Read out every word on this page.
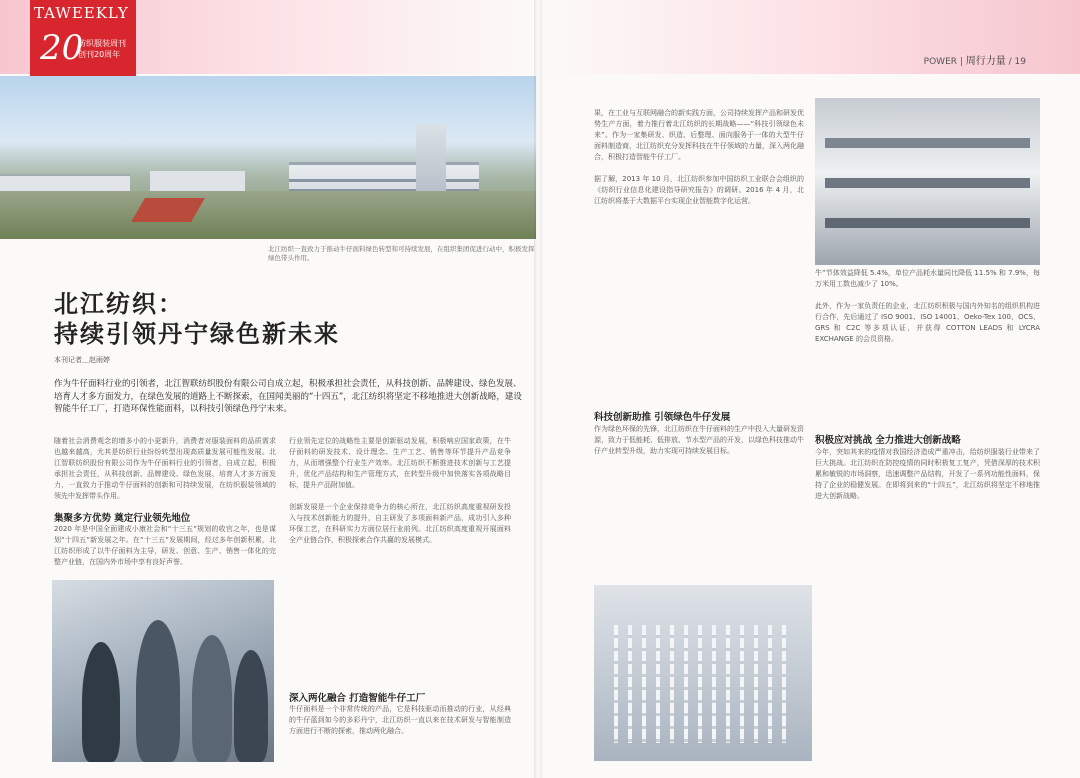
TAWEEKLY
20
纺织服装周刊
创刊20周年
北江纺织一直致力于推动牛仔面料绿色转型和可持续发展，在组织集团促进行动中，积极发挥绿色带头作用。
北江纺织：
持续引领丹宁绿色新未来
本刊记者＿赵雨婷
作为牛仔面料行业的引领者，北江智联纺织股份有限公司自成立起，积极承担社会责任，从科技创新、品牌建设、绿色发展、培育人才多方面发力，在绿色发展的道路上不断探索，在国闻美丽的“十四五”，北江纺织将坚定不移地推进大创新战略，建设智能牛仔工厂，打造环保性能面料，以科技引领绿色丹宁未来。
随着社会消费观念的增多小的小更新升，消费者对服装面料的品质需求也越来越高，尤其是纺织行业纷纷转型出现高质量发展可能性发展。北江智联纺织股份有限公司作为牛仔面料行业的引领者，自成立起，积极承担社会责任，从科技创新、品牌建设、绿色发展、培育人才多方面发力，一直致力于推动牛仔面料的创新和可持续发展，在纺织服装领域的领先中发挥带头作用。
集聚多方优势 奠定行业领先地位
2020 年是中国全面建成小康社会和“十三五”规划的收官之年，也是谋划“十四五”新发展之年。在“十三五”发展期间，经过多年创新积累，北江纺织形成了以牛仔面料为主导，研发、创意、生产、销售一体化的完整产业链，在国内外市场中享有良好声誉。
行业领先定位的战略性主要是创新驱动发展，积极响应国家政策，在牛仔面料的研发技术、设计理念、生产工艺、销售等环节提升产品竞争力，从而增强整个行业生产效率。北江纺织不断推进技术创新与工艺提升，优化产品结构和生产管理方式，在转型升级中加快落实各项战略目标，提升产品附加值。

创新发展是一个企业保持竞争力的核心所在，北江纺织高度重视研发投入与技术创新能力的提升，自主研发了多项面料新产品，成功引入多种环保工艺，在科研实力方面位居行业前列。北江纺织高度重视开展面料全产业链合作，积极探索合作共赢的发展模式。
深入两化融合 打造智能牛仔工厂
牛仔面料是一个非常传统的产品，它是科技驱动而推动的行业，从经典的牛仔蓝到如今的多彩丹宁，北江纺织一直以来在技术研发与智能制造方面进行不断的探索，推动两化融合。
POWER | 周行力量 / 19
果，在工业与互联网融合的新实践方面，公司持续发挥产品和研发优势生产方面，着力推行着北江纺织的长期战略——“科技引领绿色未来”。作为一家集研发、织造、后整理、面向服务于一体的大型牛仔面料制造商，北江纺织充分发挥科技在牛仔领域的力量，深入两化融合，积极打造智能牛仔工厂。

据了解，2013 年 10 月，北江纺织参加中国纺织工业联合会组织的《纺织行业信息化建设指导研究报告》的调研。2016 年 4 月，北江纺织将基于大数据平台实现企业智能数字化运营。
科技创新助推 引领绿色牛仔发展
作为绿色环保的先锋，北江纺织在牛仔面料的生产中投入大量研发资源，致力于低能耗、低排放、节水型产品的开发，以绿色科技推动牛仔产业转型升级，助力实现可持续发展目标。
牛”节体效益降低 5.4%，单位产品耗水量同比降低 11.5% 和 7.9%，每万米用工数也减少了 10%。

此外，作为一家负责任的企业，北江纺织积极与国内外知名的组织机构进行合作，先后通过了 ISO 9001、ISO 14001、Oeko-Tex 100、OCS、GRS 和 C2C 等多项认证，并获得 COTTON LEADS 和 LYCRA EXCHANGE 的会员资格。
积极应对挑战 全力推进大创新战略
今年，突如其来的疫情对我国经济造成严重冲击，给纺织服装行业带来了巨大挑战。北江纺织在防控疫情的同时积极复工复产，凭借深厚的技术积累和敏锐的市场洞察，迅速调整产品结构，开发了一系列功能性面料，保持了企业的稳健发展。在即将到来的“十四五”，北江纺织将坚定不移地推进大创新战略。
